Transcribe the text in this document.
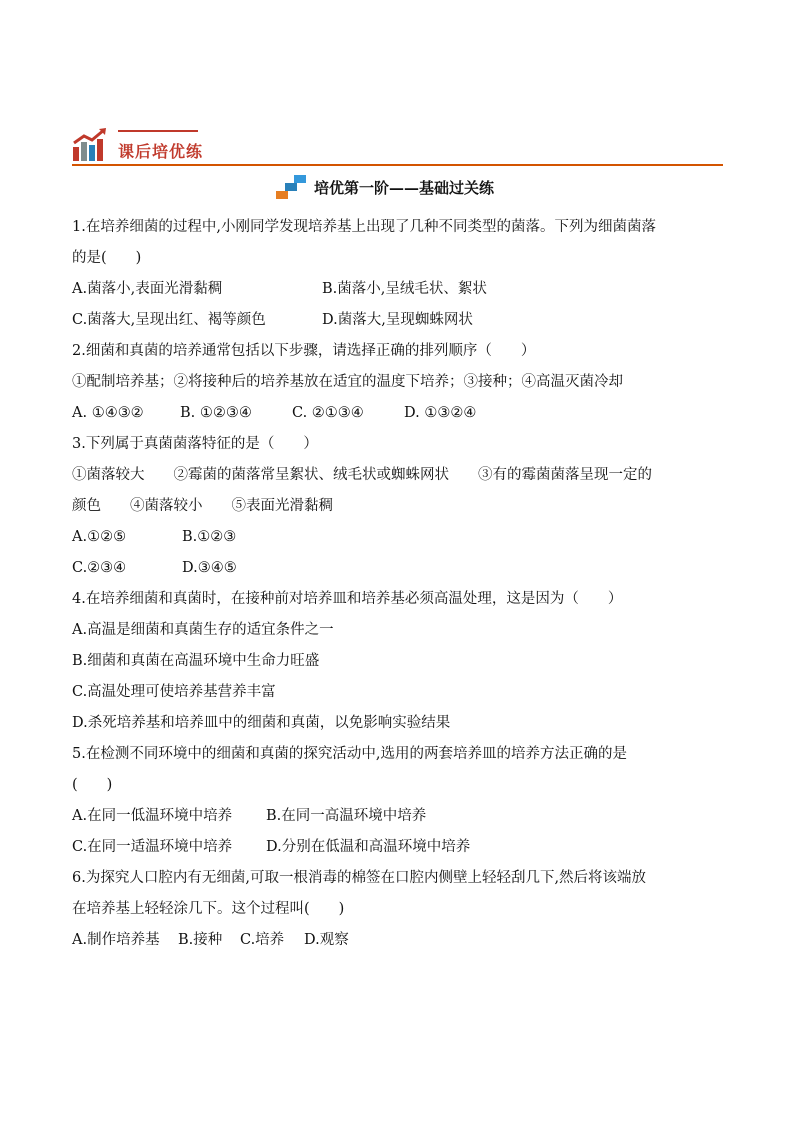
课后培优练
培优第一阶——基础过关练
1.在培养细菌的过程中,小刚同学发现培养基上出现了几种不同类型的菌落。下列为细菌菌落
的是(　　)
A.菌落小,表面光滑黏稠	B.菌落小,呈绒毛状、絮状
C.菌落大,呈现出红、褐等颜色	D.菌落大,呈现蜘蛛网状
2.细菌和真菌的培养通常包括以下步骤，请选择正确的排列顺序（　　）
①配制培养基；②将接种后的培养基放在适宜的温度下培养；③接种；④高温灭菌冷却
A. ①④③②	B. ①②③④	C. ②①③④	D. ①③②④
3.下列属于真菌菌落特征的是（　　）
①菌落较大　　②霉菌的菌落常呈絮状、绒毛状或蜘蛛网状　　③有的霉菌菌落呈现一定的
颜色　　④菌落较小　　⑤表面光滑黏稠
A.①②⑤	B.①②③
C.②③④	D.③④⑤
4.在培养细菌和真菌时，在接种前对培养皿和培养基必须高温处理，这是因为（　　）
A.高温是细菌和真菌生存的适宜条件之一
B.细菌和真菌在高温环境中生命力旺盛
C.高温处理可使培养基营养丰富
D.杀死培养基和培养皿中的细菌和真菌，以免影响实验结果
5.在检测不同环境中的细菌和真菌的探究活动中,选用的两套培养皿的培养方法正确的是
(　　)
A.在同一低温环境中培养	B.在同一高温环境中培养
C.在同一适温环境中培养	D.分别在低温和高温环境中培养
6.为探究人口腔内有无细菌,可取一根消毒的棉签在口腔内侧壁上轻轻刮几下,然后将该端放
在培养基上轻轻涂几下。这个过程叫(　　)
A.制作培养基	B.接种	C.培养	D.观察
